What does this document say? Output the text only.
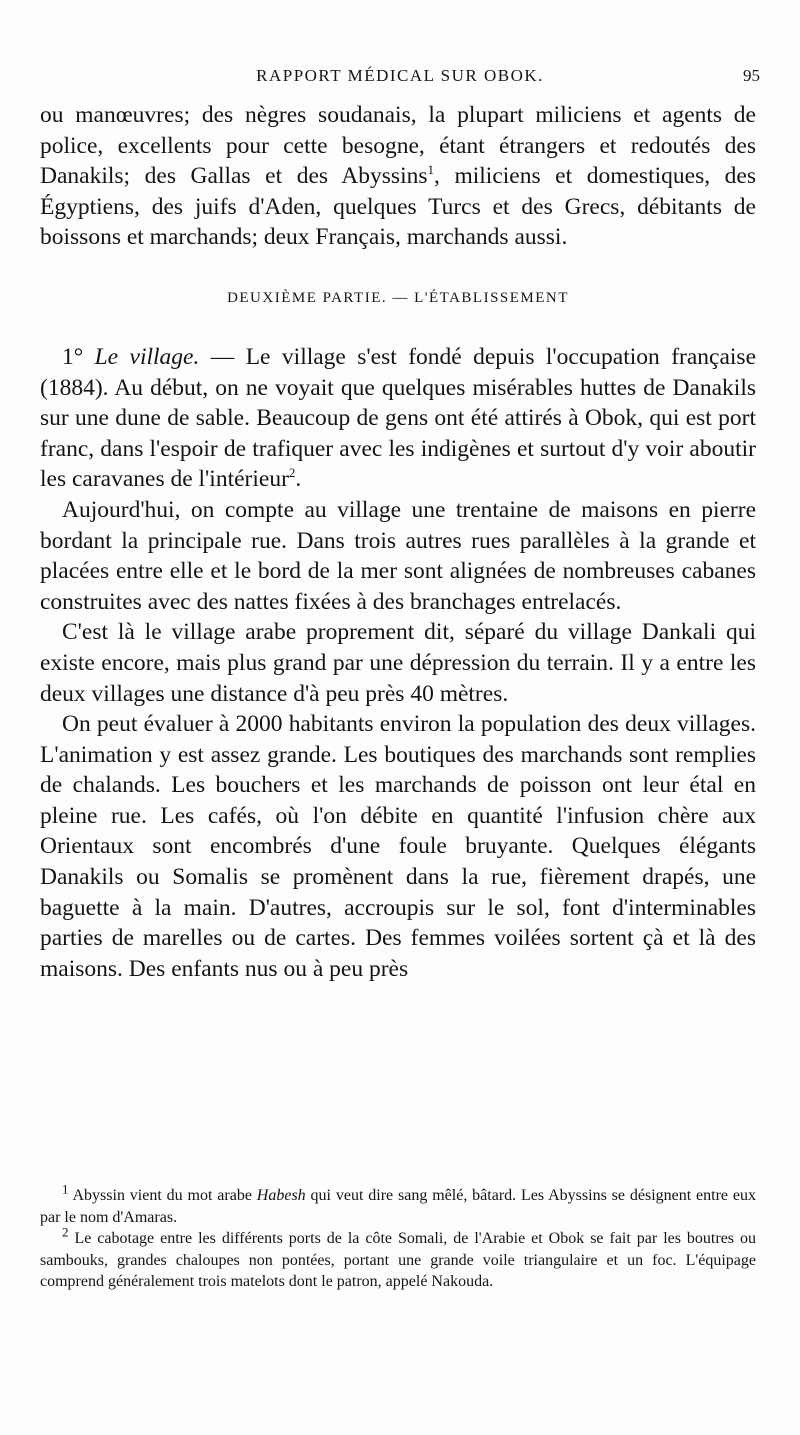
RAPPORT MÉDICAL SUR OBOK.	95

ou manœuvres; des nègres soudanais, la plupart miliciens et agents de police, excellents pour cette besogne, étant étrangers et redoutés des Danakils; des Gallas et des Abyssins$^1$, miliciens et domestiques, des Égyptiens, des juifs d'Aden, quelques Turcs et des Grecs, débitants de boissons et marchands; deux Français, marchands aussi.

DEUXIÈME PARTIE. — L'ÉTABLISSEMENT

1° Le village. — Le village s'est fondé depuis l'occupation française (1884). Au début, on ne voyait que quelques misérables huttes de Danakils sur une dune de sable. Beaucoup de gens ont été attirés à Obok, qui est port franc, dans l'espoir de trafiquer avec les indigènes et surtout d'y voir aboutir les caravanes de l'intérieur$^2$.

Aujourd'hui, on compte au village une trentaine de maisons en pierre bordant la principale rue. Dans trois autres rues parallèles à la grande et placées entre elle et le bord de la mer sont alignées de nombreuses cabanes construites avec des nattes fixées à des branchages entrelacés.

C'est là le village arabe proprement dit, séparé du village Dankali qui existe encore, mais plus grand par une dépression du terrain. Il y a entre les deux villages une distance d'à peu près 40 mètres.

On peut évaluer à 2000 habitants environ la population des deux villages. L'animation y est assez grande. Les boutiques des marchands sont remplies de chalands. Les bouchers et les marchands de poisson ont leur étal en pleine rue. Les cafés, où l'on débite en quantité l'infusion chère aux Orientaux sont encombrés d'une foule bruyante. Quelques élégants Danakils ou Somalis se promènent dans la rue, fièrement drapés, une baguette à la main. D'autres, accroupis sur le sol, font d'interminables parties de marelles ou de cartes. Des femmes voilées sortent çà et là des maisons. Des enfants nus ou à peu près

$^1$ Abyssin vient du mot arabe Habesh qui veut dire sang mêlé, bâtard. Les Abyssins se désignent entre eux par le nom d'Amaras.

$^2$ Le cabotage entre les différents ports de la côte Somali, de l'Arabie et Obok se fait par les boutres ou sambouks, grandes chaloupes non pontées, portant une grande voile triangulaire et un foc. L'équipage comprend généralement trois matelots dont le patron, appelé Nakouda.
